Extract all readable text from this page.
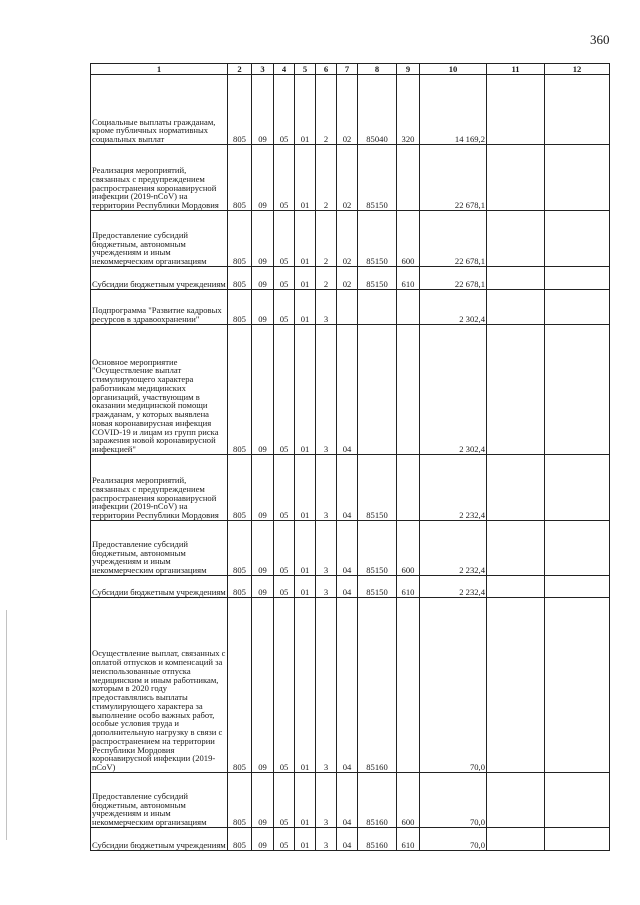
360
1	2	3	4	5	6	7	8	9	10	11	12
Социальные выплаты гражданам, кроме публичных нормативных социальных выплат	805	09	05	01	2	02	85040	320	14 169,2		
Реализация мероприятий, связанных с предупреждением распространения коронавирусной инфекции (2019-nCoV) на территории Республики Мордовия	805	09	05	01	2	02	85150		22 678,1		
Предоставление субсидий бюджетным, автономным учреждениям и иным некоммерческим организациям	805	09	05	01	2	02	85150	600	22 678,1		
Субсидии бюджетным учреждениям	805	09	05	01	2	02	85150	610	22 678,1		
Подпрограмма "Развитие кадровых ресурсов в здравоохранении"	805	09	05	01	3				2 302,4		
Основное мероприятие "Осуществление выплат стимулирующего характера работникам медицинских организаций, участвующим в оказании медицинской помощи гражданам, у которых выявлена новая коронавирусная инфекция COVID-19 и лицам из групп риска заражения новой коронавирусной инфекцией"	805	09	05	01	3	04			2 302,4		
Реализация мероприятий, связанных с предупреждением распространения коронавирусной инфекции (2019-nCoV) на территории Республики Мордовия	805	09	05	01	3	04	85150		2 232,4		
Предоставление субсидий бюджетным, автономным учреждениям и иным некоммерческим организациям	805	09	05	01	3	04	85150	600	2 232,4		
Субсидии бюджетным учреждениям	805	09	05	01	3	04	85150	610	2 232,4		
Осуществление выплат, связанных с оплатой отпусков и компенсаций за неиспользованные отпуска медицинским и иным работникам, которым в 2020 году предоставлялись выплаты стимулирующего характера за выполнение особо важных работ, особые условия труда и дополнительную нагрузку в связи с распространением на территории Республики Мордовия коронавирусной инфекции (2019-nCoV)	805	09	05	01	3	04	85160		70,0		
Предоставление субсидий бюджетным, автономным учреждениям и иным некоммерческим организациям	805	09	05	01	3	04	85160	600	70,0		
Субсидии бюджетным учреждениям	805	09	05	01	3	04	85160	610	70,0		
